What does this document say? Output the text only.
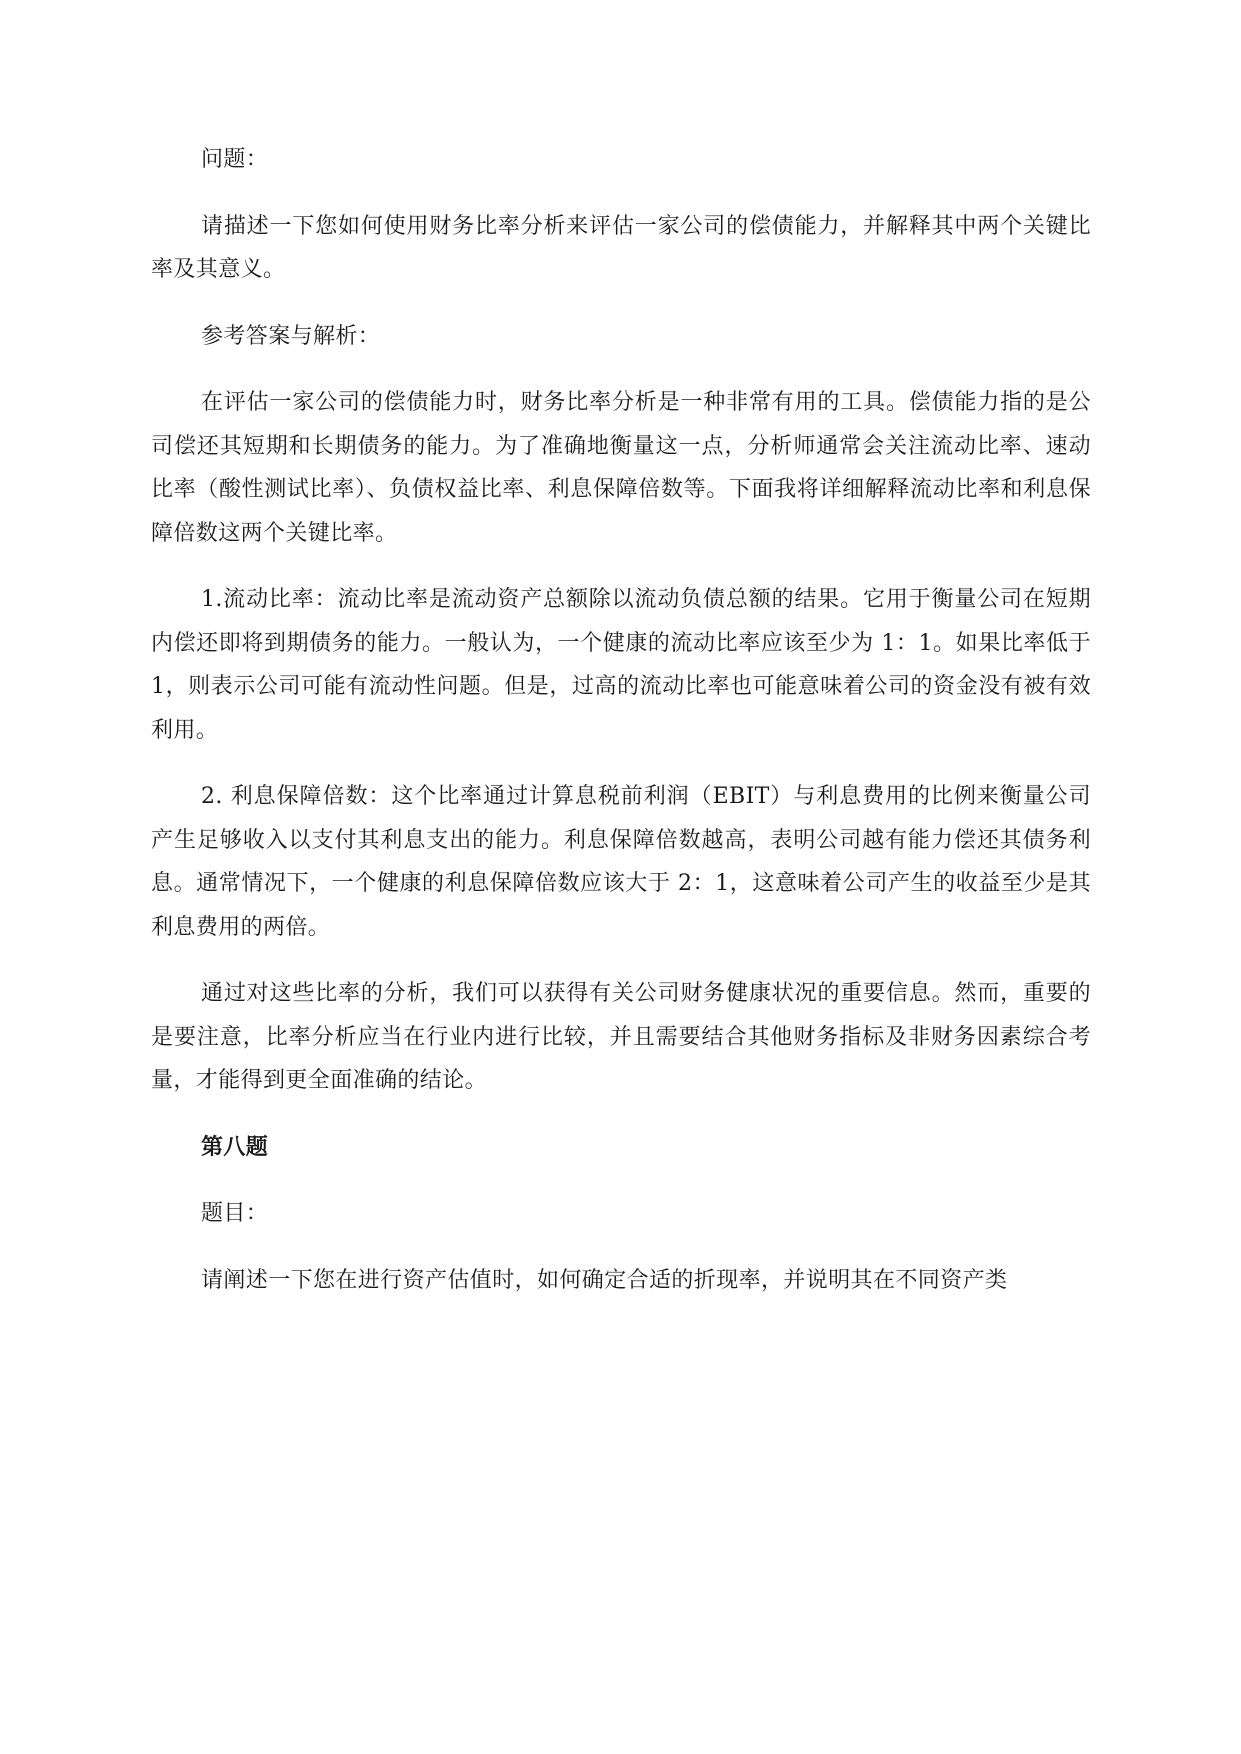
问题：

请描述一下您如何使用财务比率分析来评估一家公司的偿债能力，并解释其中两个关键比率及其意义。

参考答案与解析：

在评估一家公司的偿债能力时，财务比率分析是一种非常有用的工具。偿债能力指的是公司偿还其短期和长期债务的能力。为了准确地衡量这一点，分析师通常会关注流动比率、速动比率（酸性测试比率）、负债权益比率、利息保障倍数等。下面我将详细解释流动比率和利息保障倍数这两个关键比率。

1.流动比率：流动比率是流动资产总额除以流动负债总额的结果。它用于衡量公司在短期内偿还即将到期债务的能力。一般认为，一个健康的流动比率应该至少为 1：1。如果比率低于 1，则表示公司可能有流动性问题。但是，过高的流动比率也可能意味着公司的资金没有被有效利用。

2. 利息保障倍数：这个比率通过计算息税前利润（EBIT）与利息费用的比例来衡量公司产生足够收入以支付其利息支出的能力。利息保障倍数越高，表明公司越有能力偿还其债务利息。通常情况下，一个健康的利息保障倍数应该大于 2：1，这意味着公司产生的收益至少是其利息费用的两倍。

通过对这些比率的分析，我们可以获得有关公司财务健康状况的重要信息。然而，重要的是要注意，比率分析应当在行业内进行比较，并且需要结合其他财务指标及非财务因素综合考量，才能得到更全面准确的结论。

第八题

题目：

请阐述一下您在进行资产估值时，如何确定合适的折现率，并说明其在不同资产类
